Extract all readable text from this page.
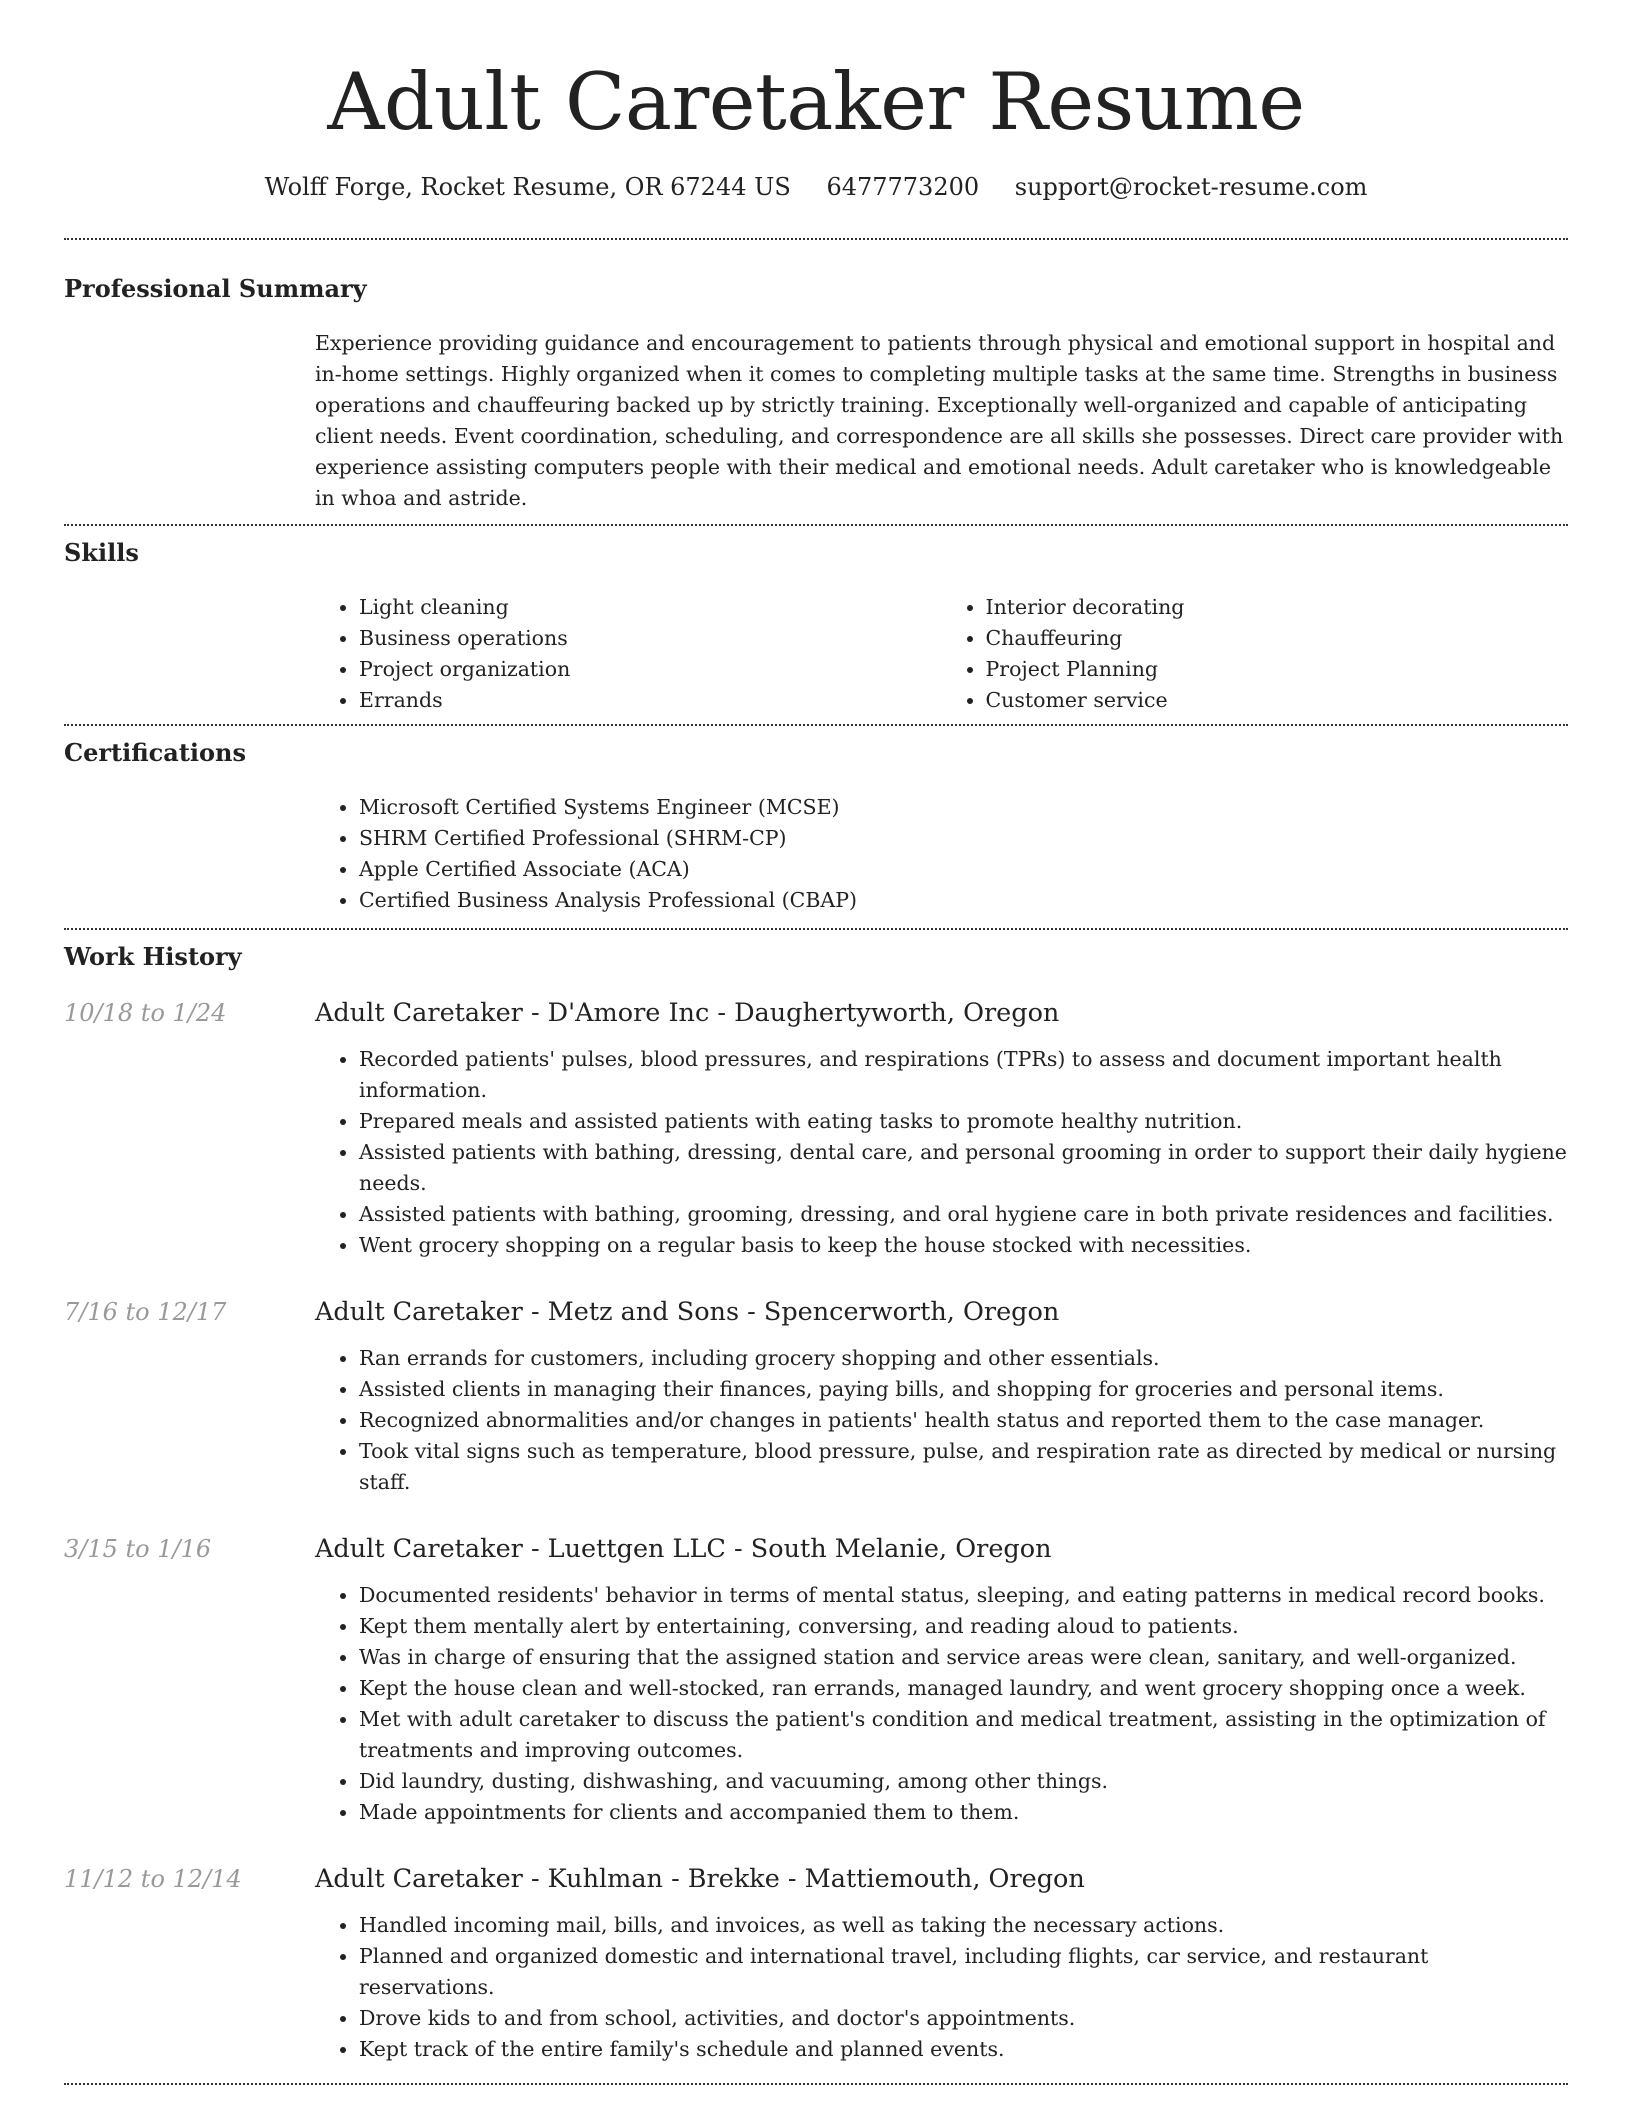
Adult Caretaker Resume
Wolff Forge, Rocket Resume, OR 67244 US 6477773200 support@rocket-resume.com
Professional Summary
Experience providing guidance and encouragement to patients through physical and emotional support in hospital and in-home settings. Highly organized when it comes to completing multiple tasks at the same time. Strengths in business operations and chauffeuring backed up by strictly training. Exceptionally well-organized and capable of anticipating client needs. Event coordination, scheduling, and correspondence are all skills she possesses. Direct care provider with experience assisting computers people with their medical and emotional needs. Adult caretaker who is knowledgeable in whoa and astride.
Skills
• Light cleaning
• Business operations
• Project organization
• Errands
• Interior decorating
• Chauffeuring
• Project Planning
• Customer service
Certifications
• Microsoft Certified Systems Engineer (MCSE)
• SHRM Certified Professional (SHRM-CP)
• Apple Certified Associate (ACA)
• Certified Business Analysis Professional (CBAP)
Work History
10/18 to 1/24	Adult Caretaker - D'Amore Inc - Daughertyworth, Oregon
• Recorded patients' pulses, blood pressures, and respirations (TPRs) to assess and document important health information.
• Prepared meals and assisted patients with eating tasks to promote healthy nutrition.
• Assisted patients with bathing, dressing, dental care, and personal grooming in order to support their daily hygiene needs.
• Assisted patients with bathing, grooming, dressing, and oral hygiene care in both private residences and facilities.
• Went grocery shopping on a regular basis to keep the house stocked with necessities.
7/16 to 12/17	Adult Caretaker - Metz and Sons - Spencerworth, Oregon
• Ran errands for customers, including grocery shopping and other essentials.
• Assisted clients in managing their finances, paying bills, and shopping for groceries and personal items.
• Recognized abnormalities and/or changes in patients' health status and reported them to the case manager.
• Took vital signs such as temperature, blood pressure, pulse, and respiration rate as directed by medical or nursing staff.
3/15 to 1/16	Adult Caretaker - Luettgen LLC - South Melanie, Oregon
• Documented residents' behavior in terms of mental status, sleeping, and eating patterns in medical record books.
• Kept them mentally alert by entertaining, conversing, and reading aloud to patients.
• Was in charge of ensuring that the assigned station and service areas were clean, sanitary, and well-organized.
• Kept the house clean and well-stocked, ran errands, managed laundry, and went grocery shopping once a week.
• Met with adult caretaker to discuss the patient's condition and medical treatment, assisting in the optimization of treatments and improving outcomes.
• Did laundry, dusting, dishwashing, and vacuuming, among other things.
• Made appointments for clients and accompanied them to them.
11/12 to 12/14	Adult Caretaker - Kuhlman - Brekke - Mattiemouth, Oregon
• Handled incoming mail, bills, and invoices, as well as taking the necessary actions.
• Planned and organized domestic and international travel, including flights, car service, and restaurant reservations.
• Drove kids to and from school, activities, and doctor's appointments.
• Kept track of the entire family's schedule and planned events.
